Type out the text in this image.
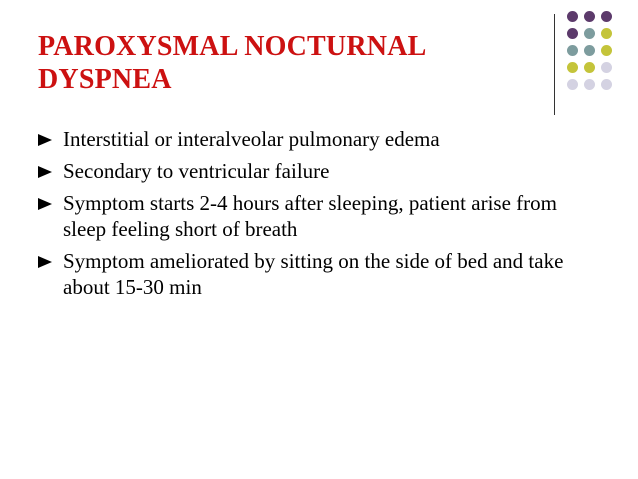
PAROXYSMAL NOCTURNAL
DYSPNEA
Interstitial or interalveolar pulmonary edema
Secondary to ventricular failure
Symptom starts 2-4 hours after sleeping, patient arise from sleep feeling short of breath
Symptom ameliorated by sitting on the side of bed and take about 15-30 min
